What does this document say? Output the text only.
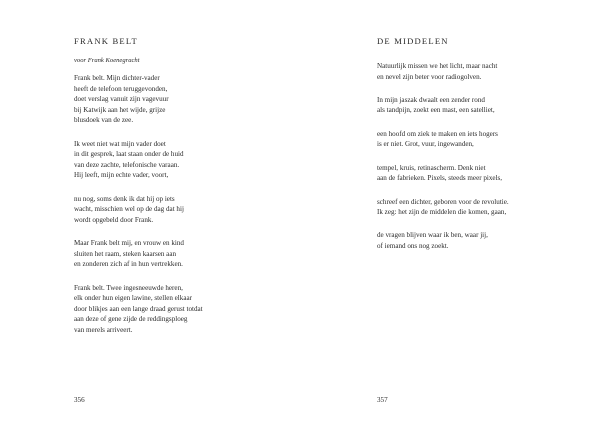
FRANK BELT

voor Frank Koenegracht

Frank belt. Mijn dichter-vader
heeft de telefoon teruggevonden,
doet verslag vanuit zijn vagevuur
bij Katwijk aan het wijde, grijze
blusdoek van de zee.

Ik weet niet wat mijn vader doet
in dit gesprek, laat staan onder de huid
van deze zachte, telefonische varaan.
Hij leeft, mijn echte vader, voort,

nu nog, soms denk ik dat hij op iets
wacht, misschien wel op de dag dat hij
wordt opgebeld door Frank.

Maar Frank belt mij, en vrouw en kind
sluiten het raam, steken kaarsen aan
en zonderen zich af in hun vertrekken.

Frank belt. Twee ingesneeuwde heren,
elk onder hun eigen lawine, stellen elkaar
door blikjes aan een lange draad gerust totdat
aan deze of gene zijde de reddingsploeg
van merels arriveert.

356

DE MIDDELEN

Natuurlijk missen we het licht, maar nacht
en nevel zijn beter voor radiogolven.

In mijn jaszak dwaalt een zender rond
als tandpijn, zoekt een mast, een satelliet,

een hoofd om ziek te maken en iets hogers
is er niet. Grot, vuur, ingewanden,

tempel, kruis, retinascherm. Denk niet
aan de fabrieken. Pixels, steeds meer pixels,

schreef een dichter, geboren voor de revolutie.
Ik zeg: het zijn de middelen die komen, gaan,

de vragen blijven waar ik ben, waar jij,
of iemand ons nog zoekt.

357
